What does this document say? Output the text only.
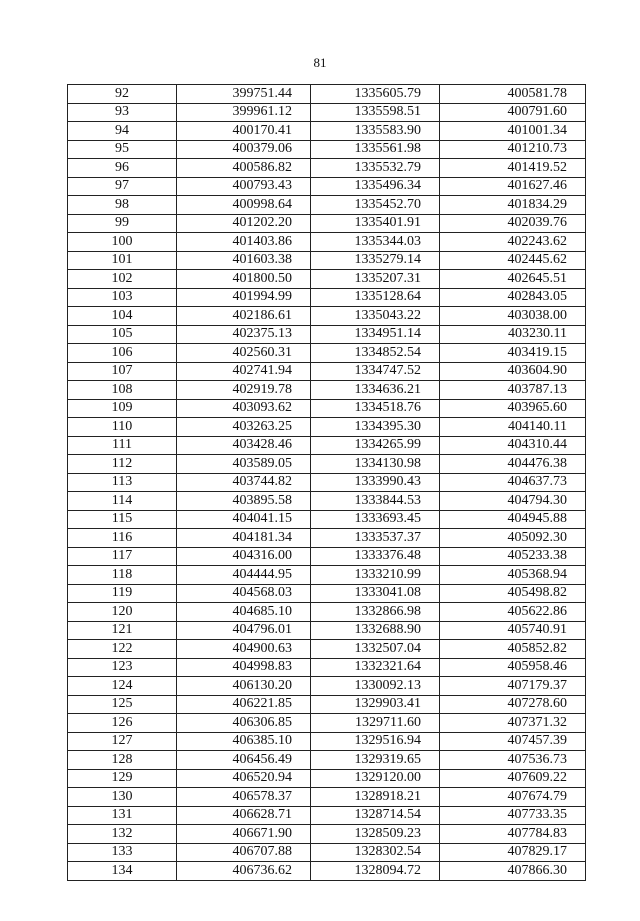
81
92	399751.44	1335605.79	400581.78	
93	399961.12	1335598.51	400791.60	
94	400170.41	1335583.90	401001.34	
95	400379.06	1335561.98	401210.73	
96	400586.82	1335532.79	401419.52	
97	400793.43	1335496.34	401627.46	
98	400998.64	1335452.70	401834.29	
99	401202.20	1335401.91	402039.76	
100	401403.86	1335344.03	402243.62	
101	401603.38	1335279.14	402445.62	
102	401800.50	1335207.31	402645.51	
103	401994.99	1335128.64	402843.05	
104	402186.61	1335043.22	403038.00	
105	402375.13	1334951.14	403230.11	
106	402560.31	1334852.54	403419.15	
107	402741.94	1334747.52	403604.90	
108	402919.78	1334636.21	403787.13	
109	403093.62	1334518.76	403965.60	
110	403263.25	1334395.30	404140.11	
111	403428.46	1334265.99	404310.44	
112	403589.05	1334130.98	404476.38	
113	403744.82	1333990.43	404637.73	
114	403895.58	1333844.53	404794.30	
115	404041.15	1333693.45	404945.88	
116	404181.34	1333537.37	405092.30	
117	404316.00	1333376.48	405233.38	
118	404444.95	1333210.99	405368.94	
119	404568.03	1333041.08	405498.82	
120	404685.10	1332866.98	405622.86	
121	404796.01	1332688.90	405740.91	
122	404900.63	1332507.04	405852.82	
123	404998.83	1332321.64	405958.46	
124	406130.20	1330092.13	407179.37	
125	406221.85	1329903.41	407278.60	
126	406306.85	1329711.60	407371.32	
127	406385.10	1329516.94	407457.39	
128	406456.49	1329319.65	407536.73	
129	406520.94	1329120.00	407609.22	
130	406578.37	1328918.21	407674.79	
131	406628.71	1328714.54	407733.35	
132	406671.90	1328509.23	407784.83	
133	406707.88	1328302.54	407829.17	
134	406736.62	1328094.72	407866.30	
